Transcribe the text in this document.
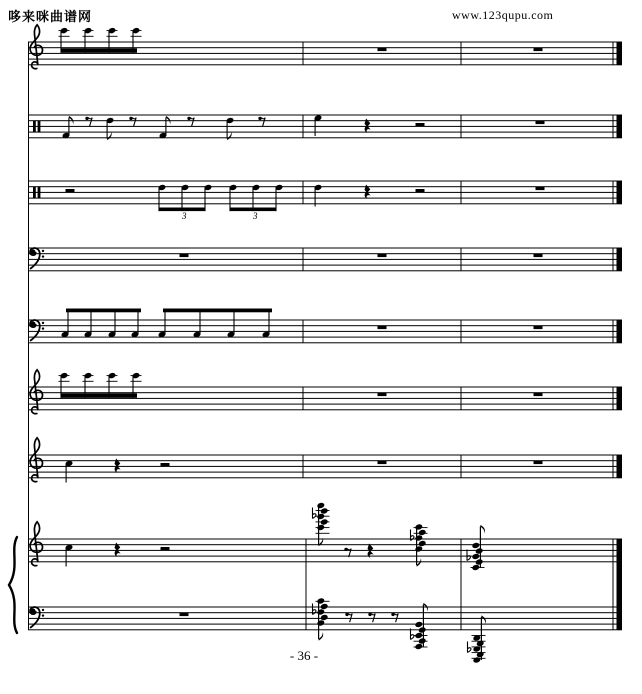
哆来咪曲谱网	www.123qupu.com
3	3
- 36 -
